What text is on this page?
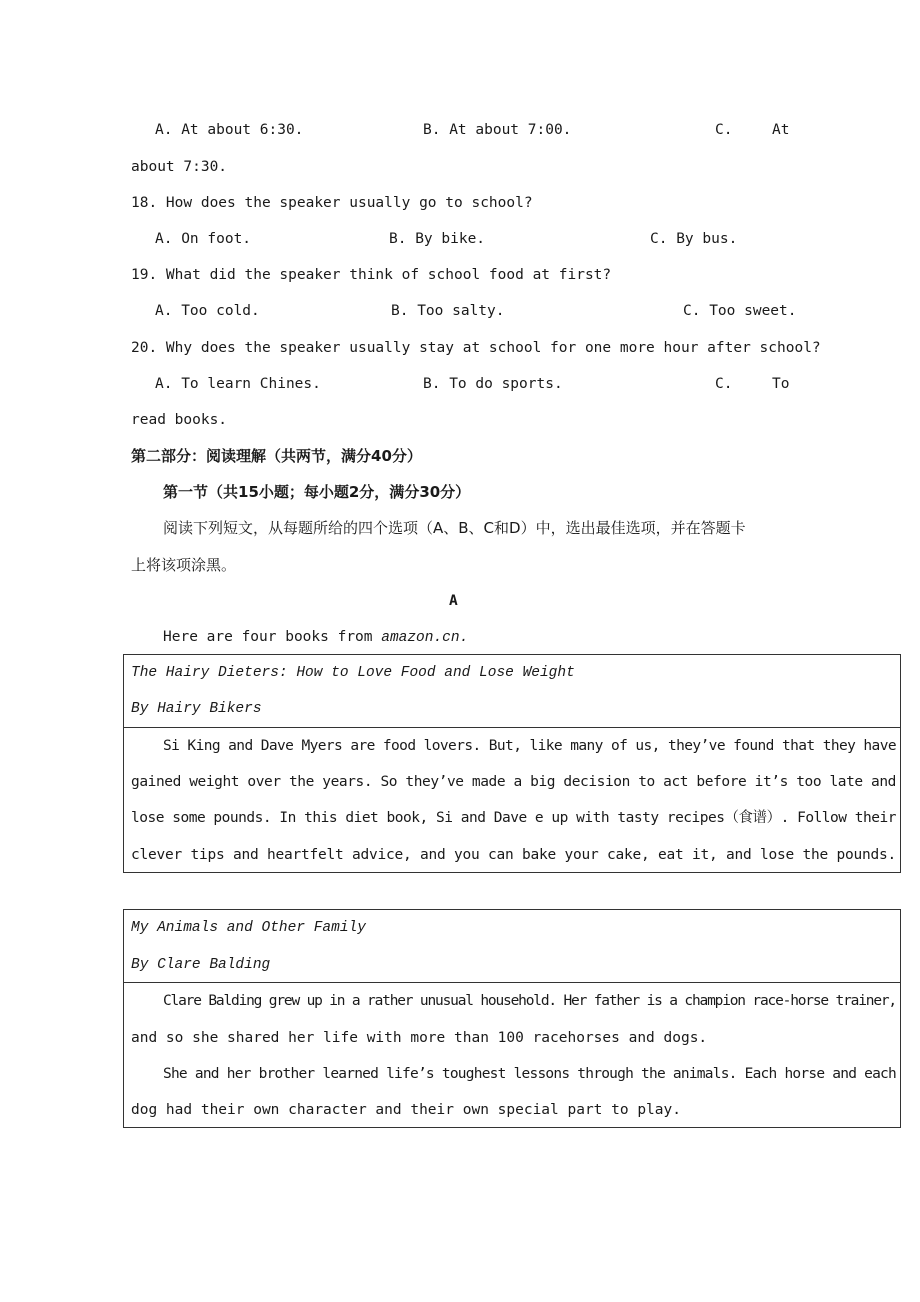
A. At about 6:30.	B. At about 7:00.	C.	At
about 7:30.
18. How does the speaker usually go to school?
A. On foot.	B. By bike.	C. By bus.
19. What did the speaker think of school food at first?
A. Too cold.	B. Too salty.	C. Too sweet.
20. Why does the speaker usually stay at school for one more hour after school?
A. To learn Chines.	B. To do sports.	C.	To
read books.
第二部分：阅读理解（共两节，满分40分）
第一节（共15小题；每小题2分，满分30分）
阅读下列短文，从每题所给的四个选项（A、B、C和D）中，选出最佳选项，并在答题卡
上将该项涂黑。
A
Here are four books from amazon.cn.
The Hairy Dieters: How to Love Food and Lose Weight
By Hairy Bikers
Si King and Dave Myers are food lovers. But, like many of us, they’ve found that they have
gained weight over the years. So they’ve made a big decision to act before it’s too late and
lose some pounds. In this diet book, Si and Dave e up with tasty recipes（食谱）. Follow their
clever tips and heartfelt advice, and you can bake your cake, eat it, and lose the pounds.
My Animals and Other Family
By Clare Balding
Clare Balding grew up in a rather unusual household. Her father is a champion race-horse trainer,
and so she shared her life with more than 100 racehorses and dogs.
She and her brother learned life’s toughest lessons through the animals. Each horse and each
dog had their own character and their own special part to play.
